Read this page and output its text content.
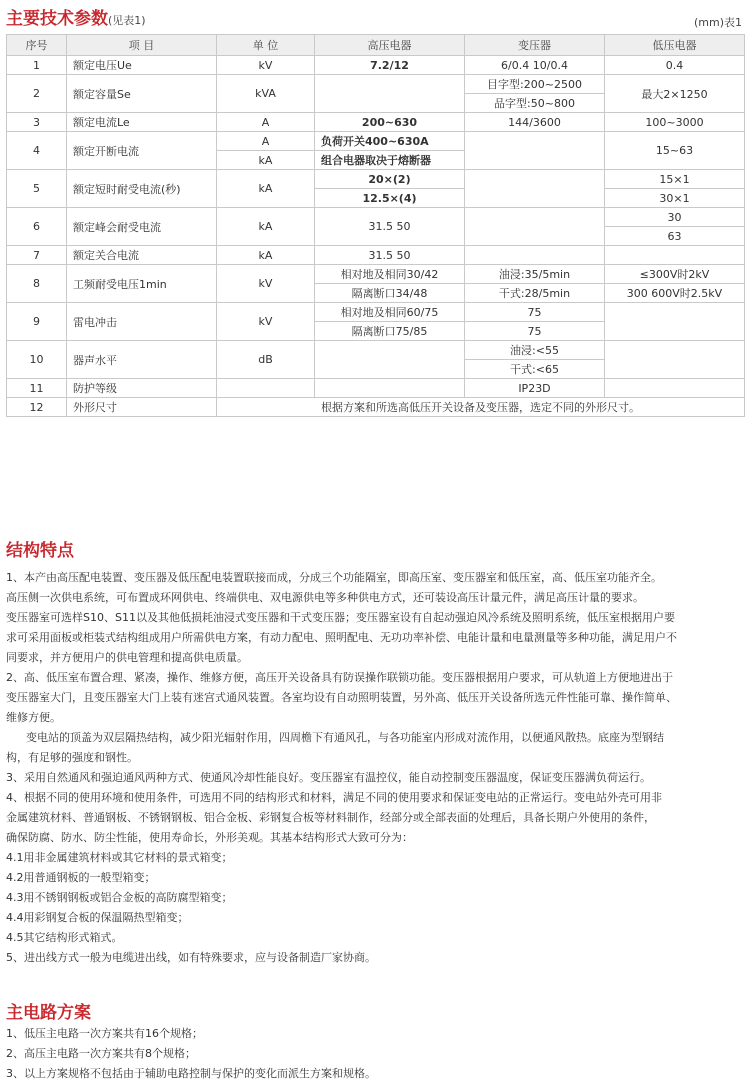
主要技术参数(见表1)	(mm)表1
序号	项 目	单 位	高压电器	变压器	低压电器
1	额定电压Ue	kV	7.2/12	6/0.4 10/0.4	0.4
2	额定容量Se	kVA		目字型:200~2500	最大2×1250
				品字型:50~800	
3	额定电流Le	A	200~630	144/3600	100~3000
4	额定开断电流	A	负荷开关400~630A		15~63
		kA	组合电器取决于熔断器		
5	额定短时耐受电流(秒)	kA	20×(2)		15×1
			12.5×(4)		30×1
6	额定峰会耐受电流	kA	31.5 50		30
					63
7	额定关合电流	kA	31.5 50		
8	工频耐受电压1min	kV	相对地及相同30/42	油浸:35/5min	≤300V时2kV
			隔离断口34/48	干式:28/5min	300 600V时2.5kV
9	雷电冲击	kV	相对地及相同60/75	75	
			隔离断口75/85	75	
10	器声水平	dB		油浸:<55	
				干式:<65	
11	防护等级			IP23D	
12	外形尺寸	根据方案和所选高低压开关设备及变压器，选定不同的外形尺寸。			
结构特点

1、本产由高压配电装置、变压器及低压配电装置联接而成，分成三个功能隔室，即高压室、变压器室和低压室，高、低压室功能齐全。

高压侧一次供电系统，可布置成环网供电、终端供电、双电源供电等多种供电方式，还可装设高压计量元件，满足高压计量的要求。

变压器室可选样S10、S11以及其他低损耗油浸式变压器和干式变压器；变压器室设有自起动强迫风冷系统及照明系统，低压室根据用户要

求可采用面板或柜装式结构组成用户所需供电方案，有动力配电、照明配电、无功功率补偿、电能计量和电量测量等多种功能，满足用户不

同要求，并方便用户的供电管理和提高供电质量。

2、高、低压室布置合理、紧凑，操作、维修方便，高压开关设备具有防误操作联锁功能。变压器根据用户要求，可从轨道上方便地进出于

变压器室大门，且变压器室大门上装有迷宫式通风装置。各室均设有自动照明装置，另外高、低压开关设备所选元件性能可靠、操作简单、

维修方便。

变电站的顶盖为双层隔热结构，减少阳光辐射作用，四周檐下有通风孔，与各功能室内形成对流作用，以便通风散热。底座为型钢结

构，有足够的强度和钢性。

3、采用自然通风和强迫通风两种方式、使通风冷却性能良好。变压器室有温控仪，能自动控制变压器温度，保证变压器满负荷运行。

4、根据不同的使用环境和使用条件，可选用不同的结构形式和材料，满足不同的使用要求和保证变电站的正常运行。变电站外壳可用非

金属建筑材料、普通钢板、不锈钢钢板、铝合金板、彩钢复合板等材料制作，经部分或全部表面的处理后，具备长期户外使用的条件，

确保防腐、防水、防尘性能，使用寿命长，外形美观。其基本结构形式大致可分为：

4.1用非金属建筑材料或其它材料的景式箱变；

4.2用普通钢板的一般型箱变；

4.3用不锈钢钢板或铝合金板的高防腐型箱变；

4.4用彩钢复合板的保温隔热型箱变；

4.5其它结构形式箱式。

5、进出线方式一般为电缆进出线，如有特殊要求，应与设备制造厂家协商。

主电路方案

1、低压主电路一次方案共有16个规格；

2、高压主电路一次方案共有8个规格；

3、以上方案规格不包括由于辅助电路控制与保护的变化而派生方案和规格。
